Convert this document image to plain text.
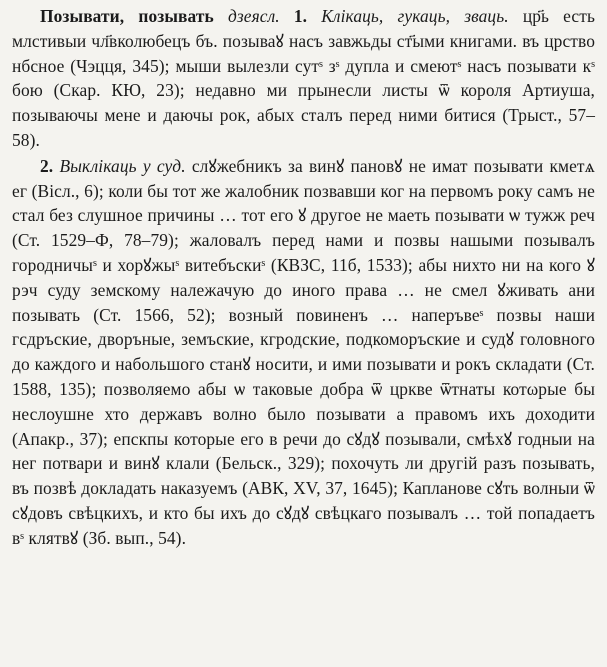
Позывати, позывать дзеясл. 1. Клікаць, гукаць, зваць. цр҃ь есть млстивыи чл҃вколюбецъ бъ. позываꙋ насъ завжьды ст҃ыми книгами. въ црство нбсное (Чэцця, 345); мыши вылезли сутˢ зˢ дупла и смеютˢ насъ позывати кˢ бою (Скар. КЮ, 23); недавно ми прынесли листы ѿ короля Артиуша, позываючы мене и даючы рок, абых сталъ перед ними битися (Трыст., 57–58).

2. Выклікаць у суд. слꙋжебникъ за винꙋ пановꙋ не имат позывати кметѧ ег (Вісл., 6); коли бы тот же жалобник позвавши ког на первомъ року самъ не стал без слушное причины … тот его ꙋ другое не маеть позывати ѡ тужж реч (Ст. 1529–Ф, 78–79); жаловалъ перед нами и позвы нашыми позывалъ городничыˢ и хорꙋжыˢ витебъскиˢ (КВЗС, 11б, 1533); абы нихто ни на кого ꙋ рэч суду земскому належачую до иного права … не смел ꙋживать ани позывать (Ст. 1566, 52); возный повиненъ … наперъвеˢ позвы наши гсдръские, дворъные, земъские, кгродские, подкоморъские и судꙋ головного до каждого и набольшого станꙋ носити, и ими позывати и рокъ складати (Ст. 1588, 135); позволяемо абы ѡ таковые добра ѿ цркве ѿтнаты котωрые бы неслоушне хто державъ волно было позывати а правомъ ихъ доходити (Апакр., 37); епскпы которые его в речи до сꙋдꙋ позывали, смѣхꙋ годныи на нег потвари и винꙋ клали (Бельск., 329); похочуть ли другій разъ позывать, въ позвѣ докладать наказуемъ (АВК, XV, 37, 1645); Капланове сꙋть волныи ѿ сꙋдовъ свѣцкихъ, и кто бы ихъ до сꙋдꙋ свѣцкаго позывалъ … той попадаетъ вˢ клятвꙋ (Зб. вып., 54).
